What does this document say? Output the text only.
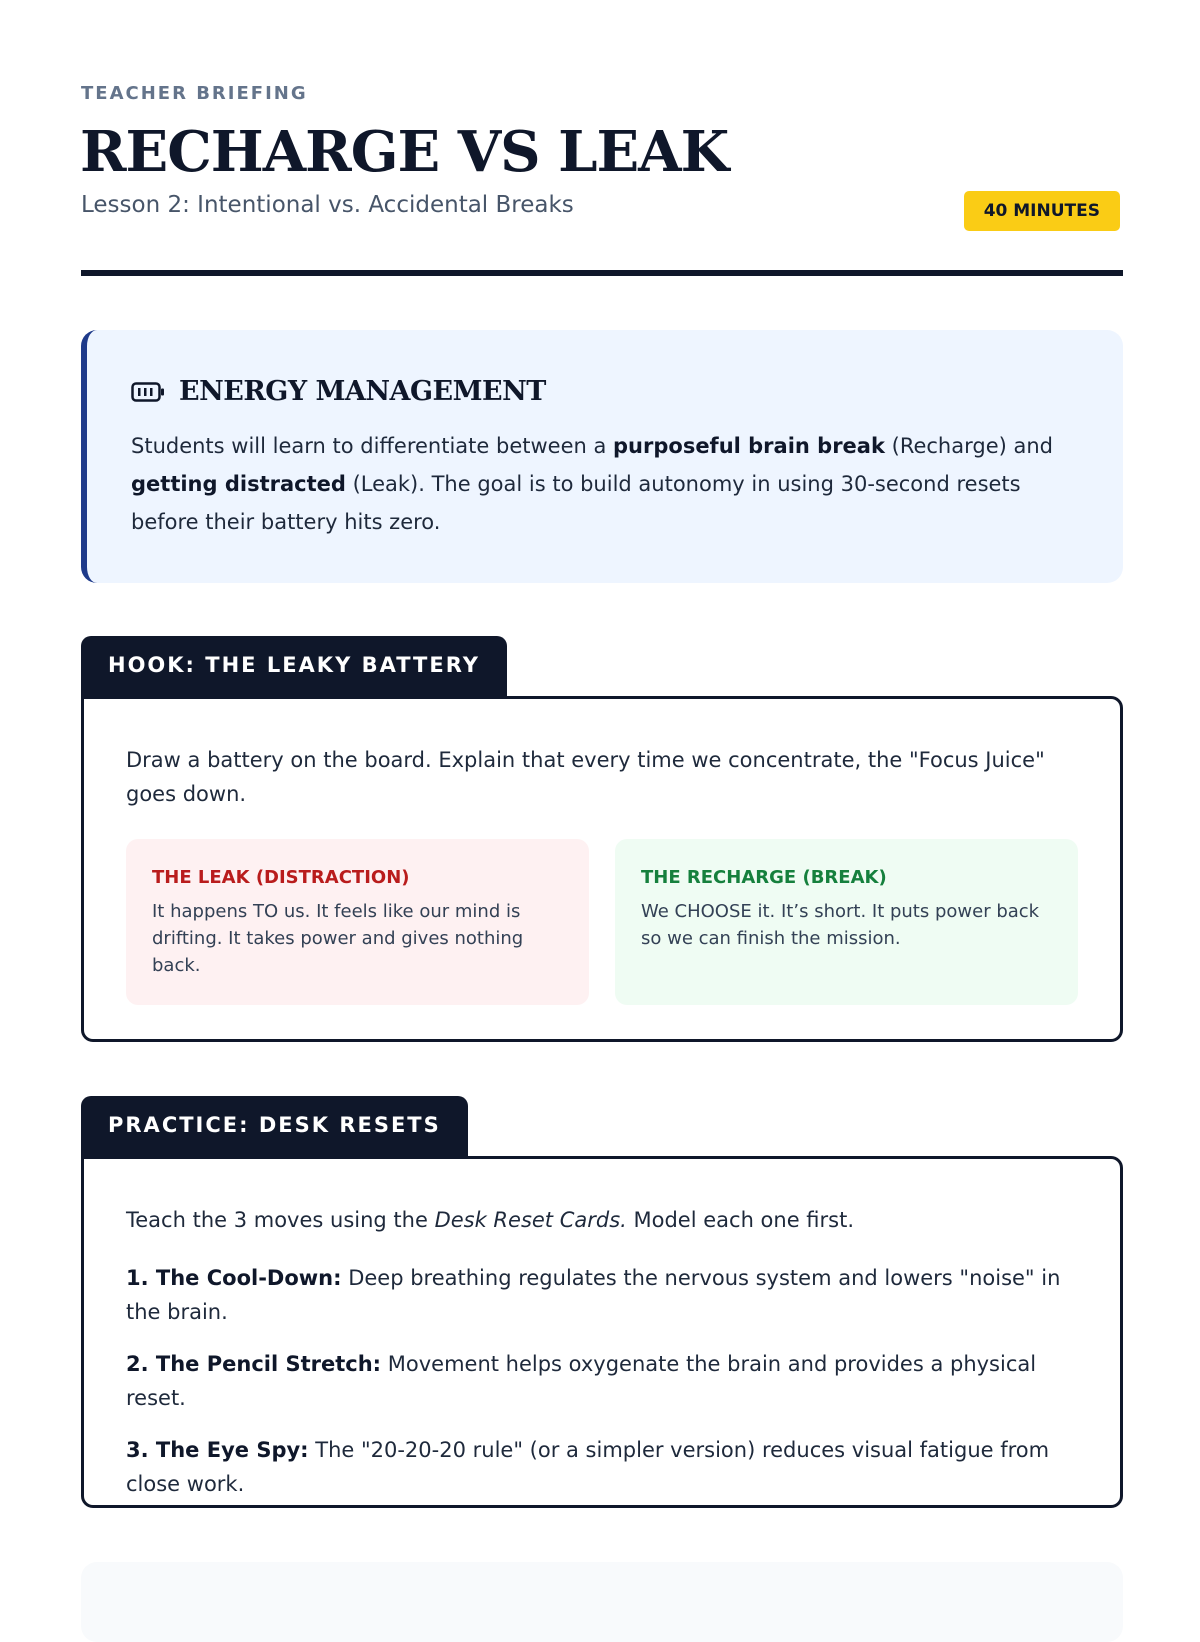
TEACHER BRIEFING
RECHARGE VS LEAK
Lesson 2: Intentional vs. Accidental Breaks	40 MINUTES
ENERGY MANAGEMENT
Students will learn to differentiate between a purposeful brain break (Recharge) and getting distracted (Leak). The goal is to build autonomy in using 30-second resets before their battery hits zero.
HOOK: THE LEAKY BATTERY
Draw a battery on the board. Explain that every time we concentrate, the "Focus Juice" goes down.
THE LEAK (DISTRACTION)
It happens TO us. It feels like our mind is drifting. It takes power and gives nothing back.
THE RECHARGE (BREAK)
We CHOOSE it. It’s short. It puts power back so we can finish the mission.
PRACTICE: DESK RESETS
Teach the 3 moves using the Desk Reset Cards. Model each one first.
1. The Cool-Down: Deep breathing regulates the nervous system and lowers "noise" in the brain.
2. The Pencil Stretch: Movement helps oxygenate the brain and provides a physical reset.
3. The Eye Spy: The "20-20-20 rule" (or a simpler version) reduces visual fatigue from close work.
